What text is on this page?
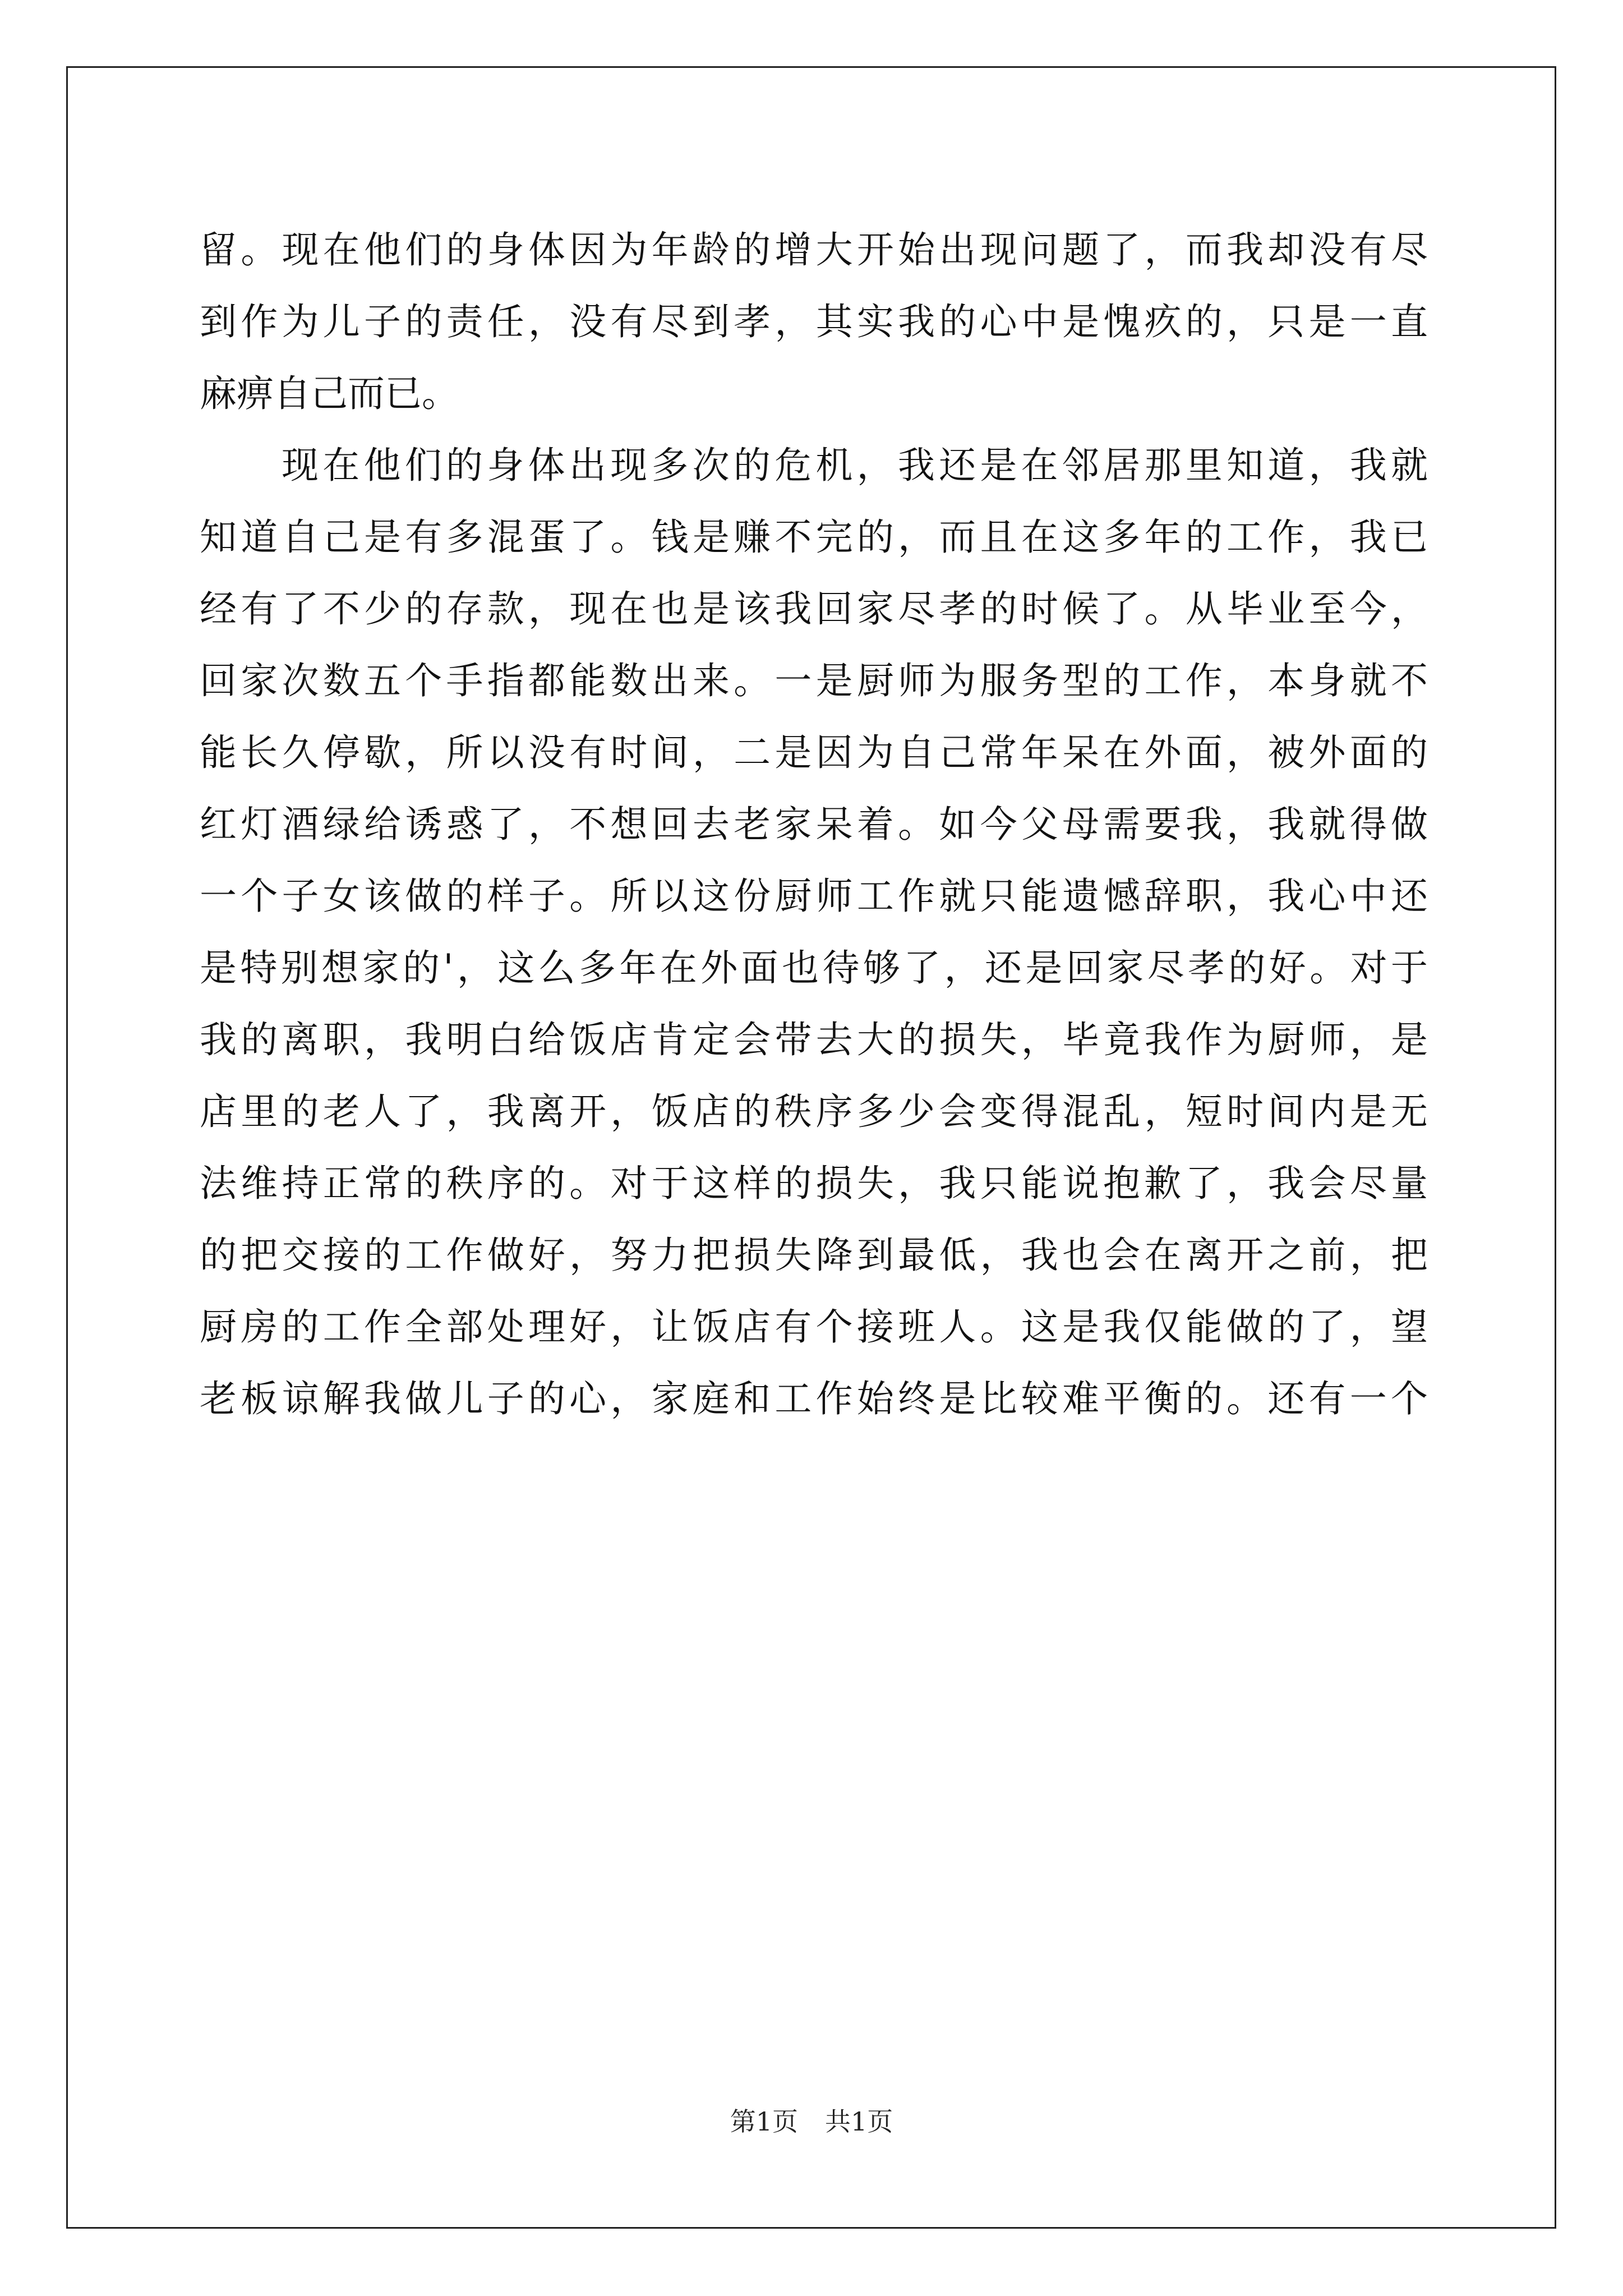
留。现在他们的身体因为年龄的增大开始出现问题了，而我却没有尽
到作为儿子的责任，没有尽到孝，其实我的心中是愧疚的，只是一直
麻痹自己而已。
现在他们的身体出现多次的危机，我还是在邻居那里知道，我就
知道自己是有多混蛋了。钱是赚不完的，而且在这多年的工作，我已
经有了不少的存款，现在也是该我回家尽孝的时候了。从毕业至今，
回家次数五个手指都能数出来。一是厨师为服务型的工作，本身就不
能长久停歇，所以没有时间，二是因为自己常年呆在外面，被外面的
红灯酒绿给诱惑了，不想回去老家呆着。如今父母需要我，我就得做
一个子女该做的样子。所以这份厨师工作就只能遗憾辞职，我心中还
是特别想家的'，这么多年在外面也待够了，还是回家尽孝的好。对于
我的离职，我明白给饭店肯定会带去大的损失，毕竟我作为厨师，是
店里的老人了，我离开，饭店的秩序多少会变得混乱，短时间内是无
法维持正常的秩序的。对于这样的损失，我只能说抱歉了，我会尽量
的把交接的工作做好，努力把损失降到最低，我也会在离开之前，把
厨房的工作全部处理好，让饭店有个接班人。这是我仅能做的了，望
老板谅解我做儿子的心，家庭和工作始终是比较难平衡的。还有一个
第1页 共1页
